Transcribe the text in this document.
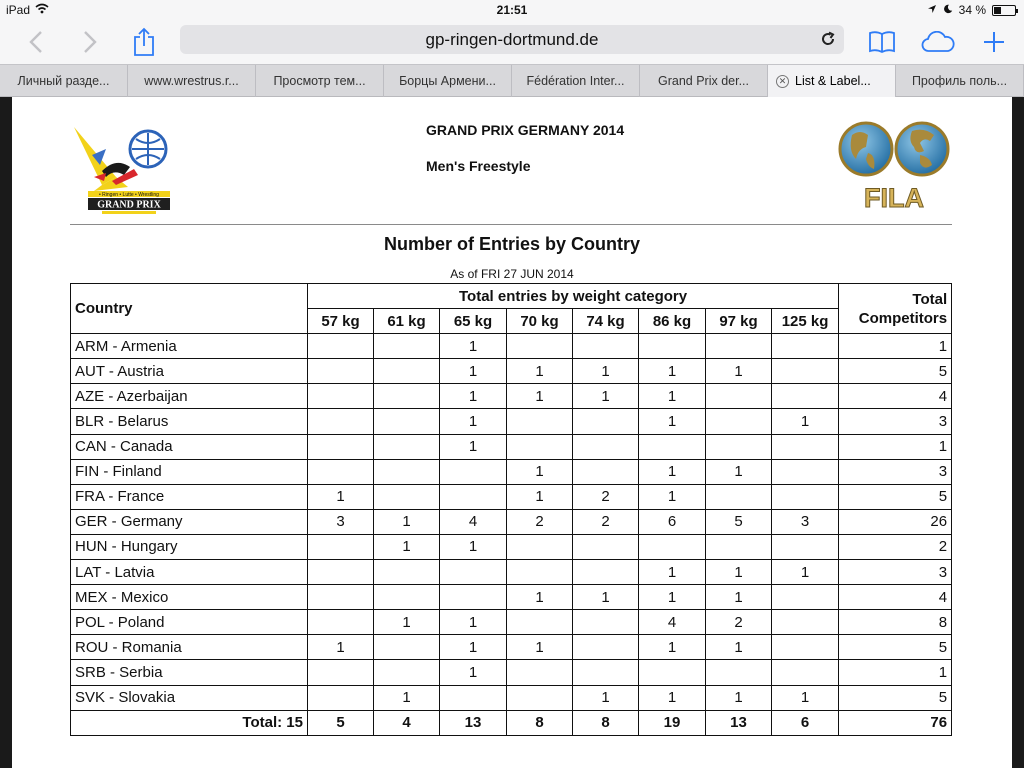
iPad	21:51	34 %
gp-ringen-dortmund.de
Личный разде...	www.wrestrus.r...	Просмотр тем...	Борцы Армени... Fédération Inter...	Grand Prix der...	✕ List & Label...	Профиль поль...
• Ringen • Lutte • Wrestling
GRAND PRIX	FILA
GRAND PRIX GERMANY 2014
Men's Freestyle
Number of Entries by Country
As of FRI 27 JUN 2014
Country	Total entries by weight category								Total
Competitors
	57 kg	61 kg	65 kg	70 kg	74 kg	86 kg	97 kg	125 kg	
ARM - Armenia			1						1
AUT - Austria			1	1	1	1	1		5
AZE - Azerbaijan			1	1	1	1			4
BLR - Belarus			1			1		1	3
CAN - Canada			1						1
FIN - Finland				1		1	1		3
FRA - France	1			1	2	1			5
GER - Germany	3	1	4	2	2	6	5	3	26
HUN - Hungary		1	1						2
LAT - Latvia						1	1	1	3
MEX - Mexico				1	1	1	1		4
POL - Poland		1	1			4	2		8
ROU - Romania	1		1	1		1	1		5
SRB - Serbia			1						1
SVK - Slovakia		1			1	1	1	1	5
Total: 15	5	4	13	8	8	19	13	6	76
